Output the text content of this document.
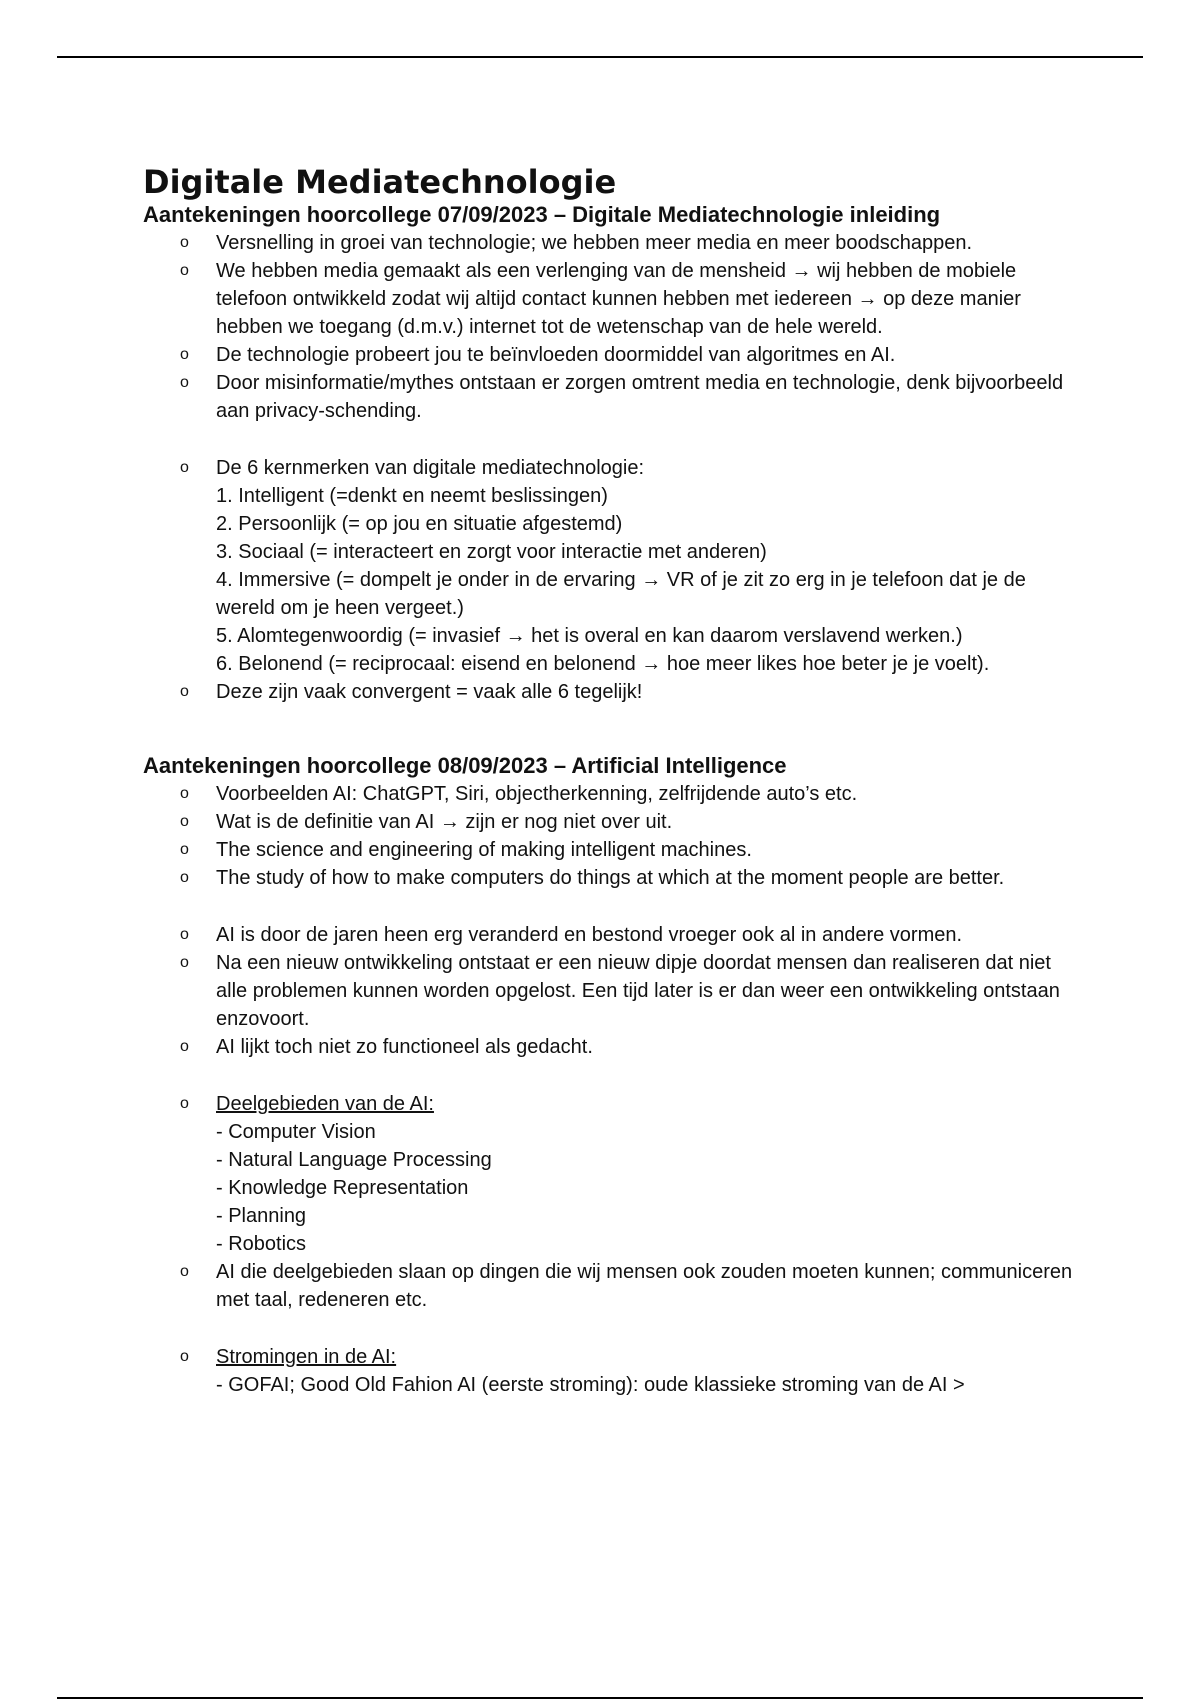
Digitale Mediatechnologie
Aantekeningen hoorcollege 07/09/2023 – Digitale Mediatechnologie inleiding
o Versnelling in groei van technologie; we hebben meer media en meer boodschappen.
o We hebben media gemaakt als een verlenging van de mensheid → wij hebben de mobiele telefoon ontwikkeld zodat wij altijd contact kunnen hebben met iedereen → op deze manier hebben we toegang (d.m.v.) internet tot de wetenschap van de hele wereld.
o De technologie probeert jou te beïnvloeden doormiddel van algoritmes en AI.
o Door misinformatie/mythes ontstaan er zorgen omtrent media en technologie, denk bijvoorbeeld aan privacy-schending.
o De 6 kernmerken van digitale mediatechnologie:
1. Intelligent (=denkt en neemt beslissingen)
2. Persoonlijk (= op jou en situatie afgestemd)
3. Sociaal (= interacteert en zorgt voor interactie met anderen)
4. Immersive (= dompelt je onder in de ervaring → VR of je zit zo erg in je telefoon dat je de wereld om je heen vergeet.)
5. Alomtegenwoordig (= invasief → het is overal en kan daarom verslavend werken.)
6. Belonend (= reciprocaal: eisend en belonend → hoe meer likes hoe beter je je voelt).
o Deze zijn vaak convergent = vaak alle 6 tegelijk!
Aantekeningen hoorcollege 08/09/2023 – Artificial Intelligence
o Voorbeelden AI: ChatGPT, Siri, objectherkenning, zelfrijdende auto’s etc.
o Wat is de definitie van AI → zijn er nog niet over uit.
o The science and engineering of making intelligent machines.
o The study of how to make computers do things at which at the moment people are better.
o AI is door de jaren heen erg veranderd en bestond vroeger ook al in andere vormen.
o Na een nieuw ontwikkeling ontstaat er een nieuw dipje doordat mensen dan realiseren dat niet alle problemen kunnen worden opgelost. Een tijd later is er dan weer een ontwikkeling ontstaan enzovoort.
o AI lijkt toch niet zo functioneel als gedacht.
o Deelgebieden van de AI:
- Computer Vision
- Natural Language Processing
- Knowledge Representation
- Planning
- Robotics
o AI die deelgebieden slaan op dingen die wij mensen ook zouden moeten kunnen; communiceren met taal, redeneren etc.
o Stromingen in de AI:
- GOFAI; Good Old Fahion AI (eerste stroming): oude klassieke stroming van de AI >
